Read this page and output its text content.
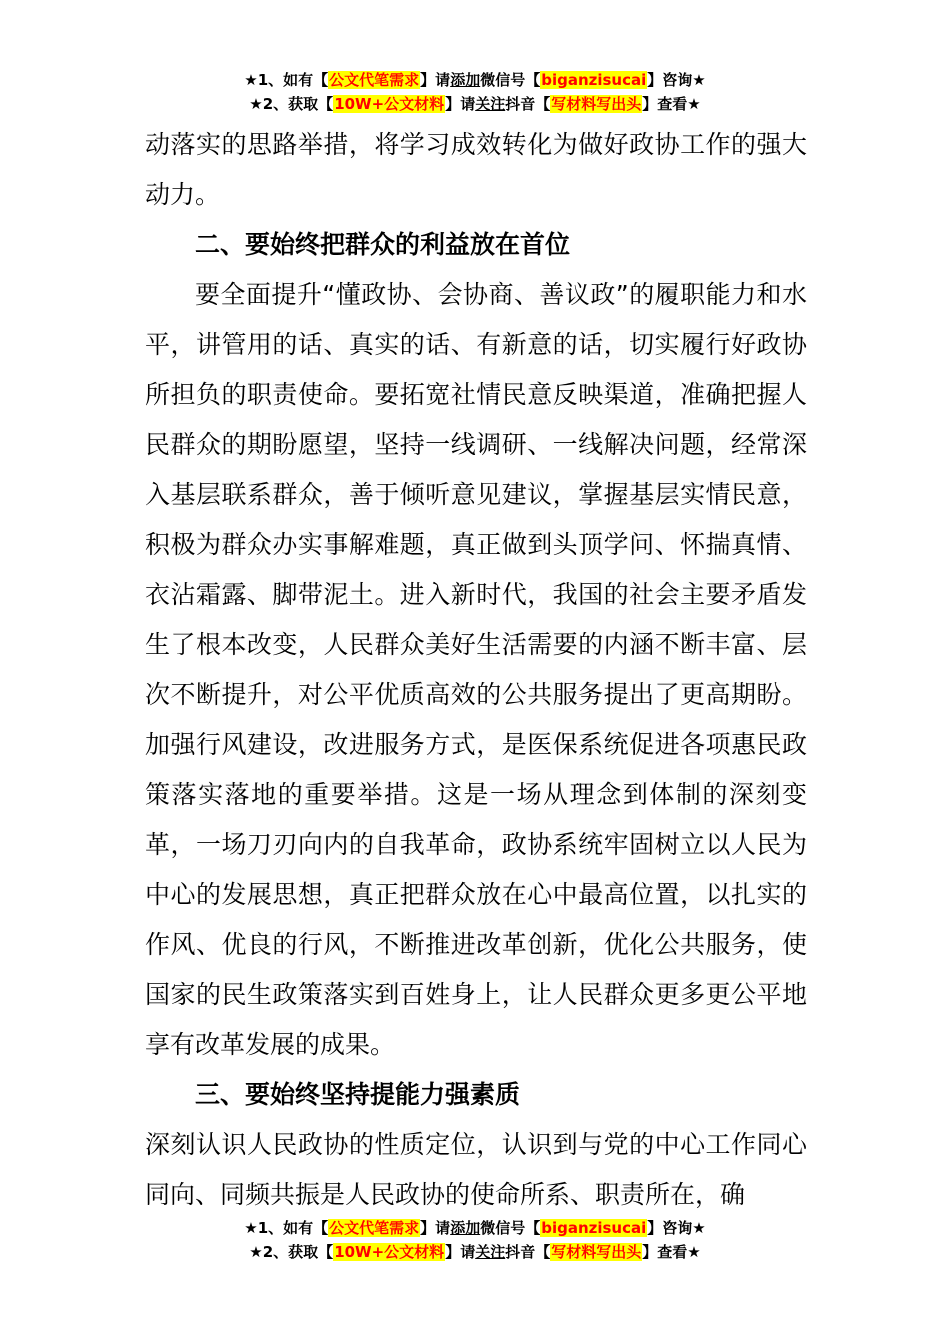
★1、如有【公文代笔需求】请添加微信号【biganzisucai】咨询★
★2、获取【10W+公文材料】请关注抖音【写材料写出头】查看★

动落实的思路举措，将学习成效转化为做好政协工作的强大动力。

二、要始终把群众的利益放在首位

要全面提升“懂政协、会协商、善议政”的履职能力和水平，讲管用的话、真实的话、有新意的话，切实履行好政协所担负的职责使命。要拓宽社情民意反映渠道，准确把握人民群众的期盼愿望，坚持一线调研、一线解决问题，经常深入基层联系群众，善于倾听意见建议，掌握基层实情民意，积极为群众办实事解难题，真正做到头顶学问、怀揣真情、衣沾霜露、脚带泥土。进入新时代，我国的社会主要矛盾发生了根本改变，人民群众美好生活需要的内涵不断丰富、层次不断提升，对公平优质高效的公共服务提出了更高期盼。加强行风建设，改进服务方式，是医保系统促进各项惠民政策落实落地的重要举措。这是一场从理念到体制的深刻变革，一场刀刃向内的自我革命，政协系统牢固树立以人民为中心的发展思想，真正把群众放在心中最高位置，以扎实的作风、优良的行风，不断推进改革创新，优化公共服务，使国家的民生政策落实到百姓身上，让人民群众更多更公平地享有改革发展的成果。

三、要始终坚持提能力强素质

深刻认识人民政协的性质定位，认识到与党的中心工作同心同向、同频共振是人民政协的使命所系、职责所在，确

★1、如有【公文代笔需求】请添加微信号【biganzisucai】咨询★
★2、获取【10W+公文材料】请关注抖音【写材料写出头】查看★
